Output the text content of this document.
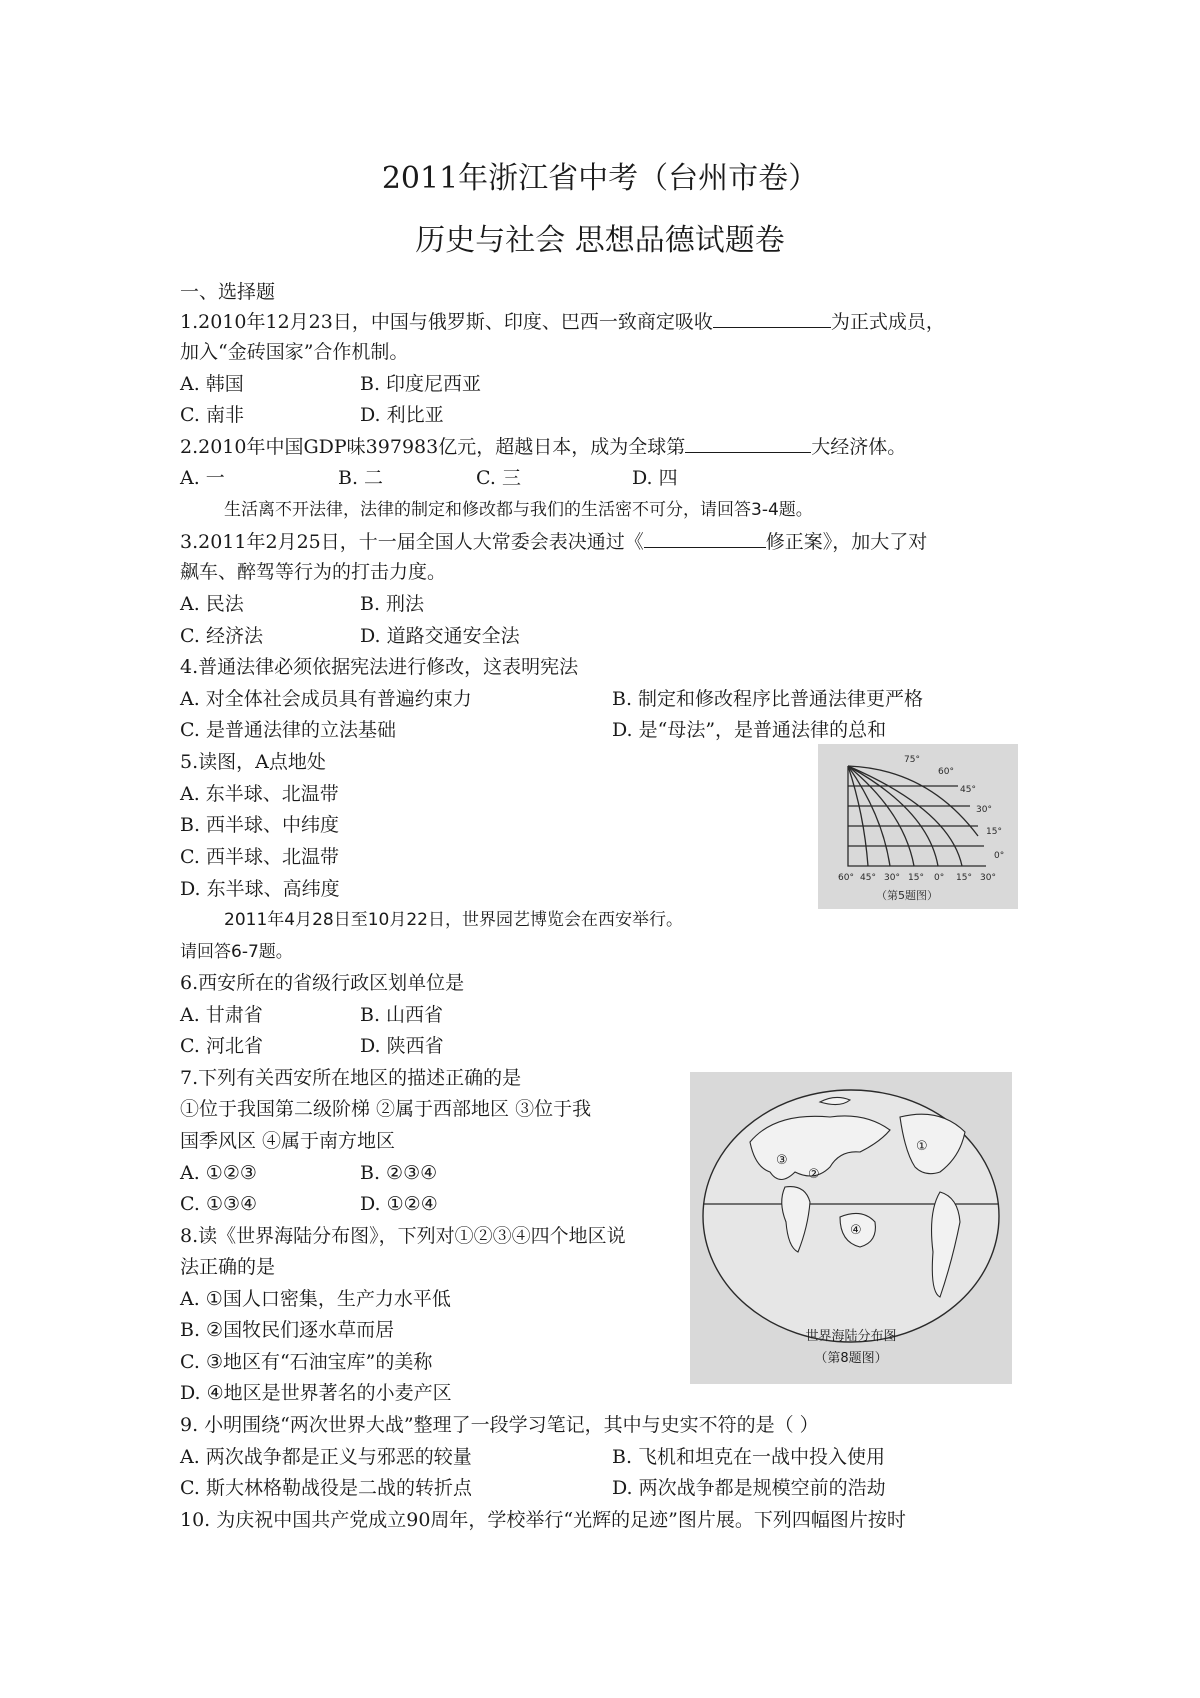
2011年浙江省中考（台州市卷）
历史与社会 思想品德试题卷
一、选择题
1.2010年12月23日，中国与俄罗斯、印度、巴西一致商定吸收	为正式成员，
加入“金砖国家”合作机制。
A. 韩国	B. 印度尼西亚
C. 南非	D. 利比亚
2.2010年中国GDP味397983亿元，超越日本，成为全球第	大经济体。
A. 一	B. 二	C. 三	D. 四
生活离不开法律，法律的制定和修改都与我们的生活密不可分，请回答3-4题。
3.2011年2月25日，十一届全国人大常委会表决通过《	修正案》，加大了对
飙车、醉驾等行为的打击力度。
A. 民法	B. 刑法
C. 经济法	D. 道路交通安全法
4.普通法律必须依据宪法进行修改，这表明宪法
A. 对全体社会成员具有普遍约束力	B. 制定和修改程序比普通法律更严格
C. 是普通法律的立法基础	D. 是“母法”，是普通法律的总和
5.读图，A点地处
A. 东半球、北温带
B. 西半球、中纬度
C. 西半球、北温带
D. 东半球、高纬度
75°
60°
45°
30°
15°
0°
60° 45° 30° 15° 0° 15° 30°
（第5题图）
2011年4月28日至10月22日，世界园艺博览会在西安举行。
请回答6-7题。
6.西安所在的省级行政区划单位是
A. 甘肃省	B. 山西省
C. 河北省	D. 陕西省
7.下列有关西安所在地区的描述正确的是
①位于我国第二级阶梯 ②属于西部地区 ③位于我
国季风区 ④属于南方地区
A. ①②③	B. ②③④
C. ①③④	D. ①②④
8.读《世界海陆分布图》，下列对①②③④四个地区说
法正确的是
A. ①国人口密集，生产力水平低
B. ②国牧民们逐水草而居
C. ③地区有“石油宝库”的美称
D. ④地区是世界著名的小麦产区
①
②
③
④
世界海陆分布图
（第8题图）
9. 小明围绕“两次世界大战”整理了一段学习笔记，其中与史实不符的是（ ）
A. 两次战争都是正义与邪恶的较量	B. 飞机和坦克在一战中投入使用
C. 斯大林格勒战役是二战的转折点	D. 两次战争都是规模空前的浩劫
10. 为庆祝中国共产党成立90周年，学校举行“光辉的足迹”图片展。下列四幅图片按时
